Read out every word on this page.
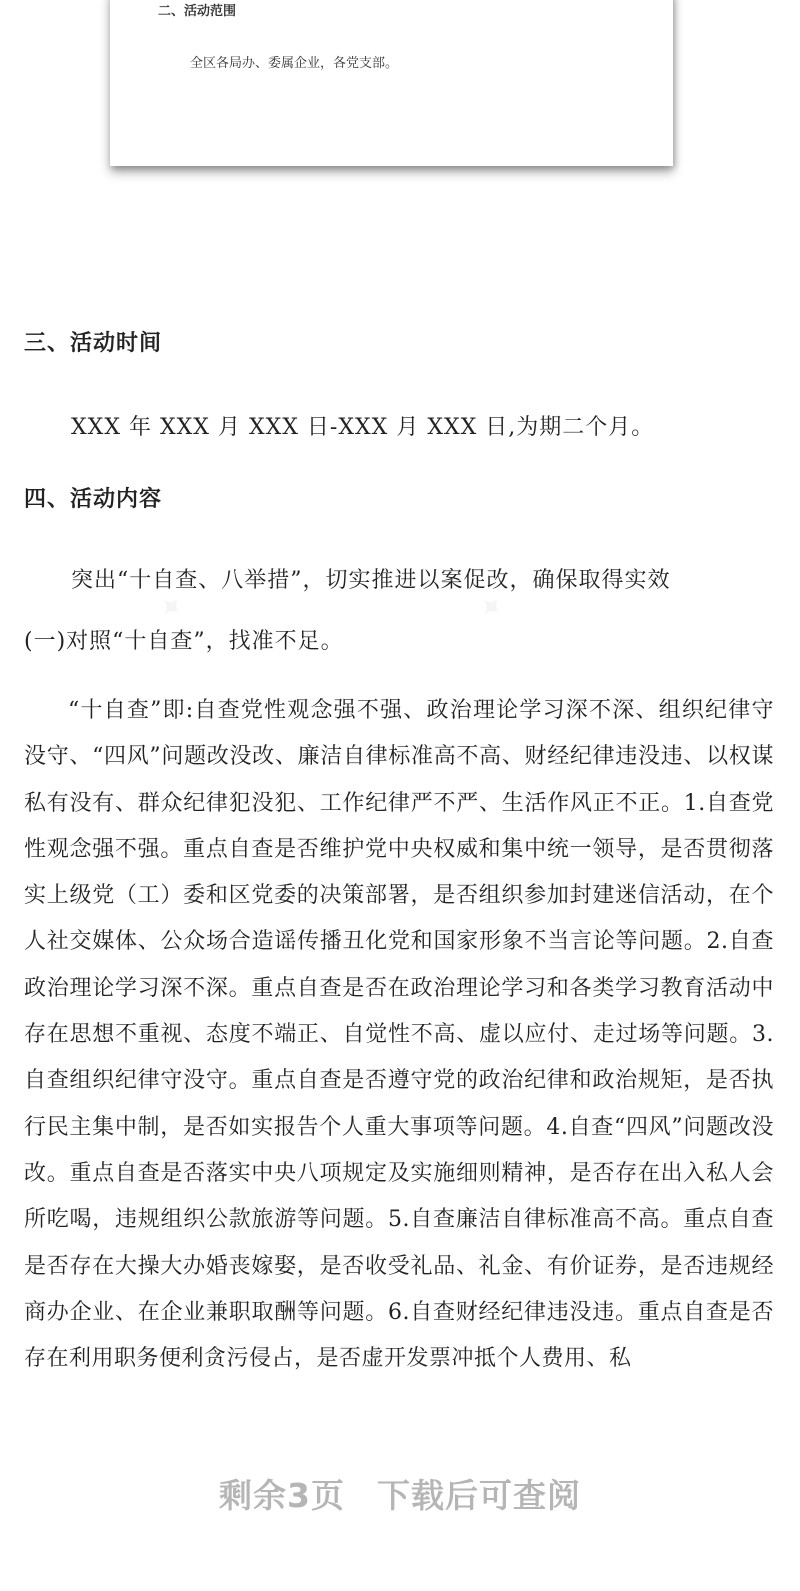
二、活动范围
全区各局办、委属企业，各党支部。
三、活动时间
XXX 年 XXX 月 XXX 日-XXX 月 XXX 日,为期二个月。
四、活动内容
突出“十自查、八举措”，切实推进以案促改，确保取得实效
(一)对照“十自查”，找准不足。
“十自查”即:自查党性观念强不强、政治理论学习深不深、组织纪律守没守、“四风”问题改没改、廉洁自律标准高不高、财经纪律违没违、以权谋私有没有、群众纪律犯没犯、工作纪律严不严、生活作风正不正。1.自查党性观念强不强。重点自查是否维护党中央权威和集中统一领导，是否贯彻落实上级党（工）委和区党委的决策部署，是否组织参加封建迷信活动，在个人社交媒体、公众场合造谣传播丑化党和国家形象不当言论等问题。2.自查政治理论学习深不深。重点自查是否在政治理论学习和各类学习教育活动中存在思想不重视、态度不端正、自觉性不高、虚以应付、走过场等问题。3.自查组织纪律守没守。重点自查是否遵守党的政治纪律和政治规矩，是否执行民主集中制，是否如实报告个人重大事项等问题。4.自查“四风”问题改没改。重点自查是否落实中央八项规定及实施细则精神，是否存在出入私人会所吃喝，违规组织公款旅游等问题。5.自查廉洁自律标准高不高。重点自查是否存在大操大办婚丧嫁娶，是否收受礼品、礼金、有价证券，是否违规经商办企业、在企业兼职取酬等问题。6.自查财经纪律违没违。重点自查是否存在利用职务便利贪污侵占，是否虚开发票冲抵个人费用、私
✦	✦
剩余3页 下载后可查阅
